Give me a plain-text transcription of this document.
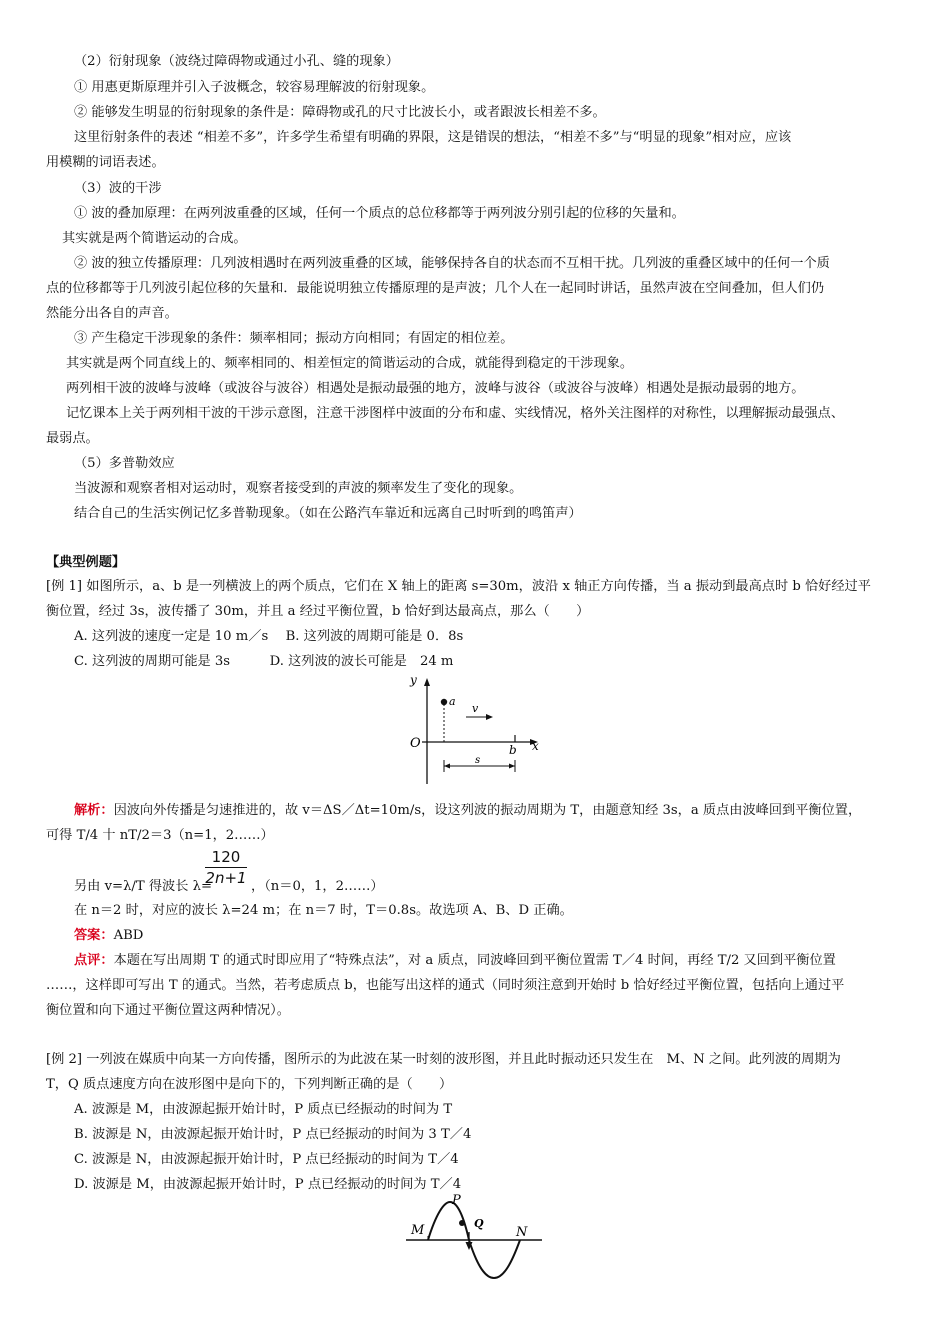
（2）衍射现象（波绕过障碍物或通过小孔、缝的现象）
① 用惠更斯原理并引入子波概念，较容易理解波的衍射现象。
② 能够发生明显的衍射现象的条件是：障碍物或孔的尺寸比波长小，或者跟波长相差不多。
这里衍射条件的表述 “相差不多”，许多学生希望有明确的界限，这是错误的想法，“相差不多”与“明显的现象”相对应，应该
用模糊的词语表述。
（3）波的干涉
① 波的叠加原理：在两列波重叠的区域，任何一个质点的总位移都等于两列波分别引起的位移的矢量和。
其实就是两个简谐运动的合成。
② 波的独立传播原理：几列波相遇时在两列波重叠的区域，能够保持各自的状态而不互相干扰。几列波的重叠区域中的任何一个质
点的位移都等于几列波引起位移的矢量和．最能说明独立传播原理的是声波；几个人在一起同时讲话，虽然声波在空间叠加，但人们仍
然能分出各自的声音。
③ 产生稳定干涉现象的条件：频率相同；振动方向相同；有固定的相位差。
其实就是两个同直线上的、频率相同的、相差恒定的简谐运动的合成，就能得到稳定的干涉现象。
两列相干波的波峰与波峰（或波谷与波谷）相遇处是振动最强的地方，波峰与波谷（或波谷与波峰）相遇处是振动最弱的地方。
记忆课本上关于两列相干波的干涉示意图，注意干涉图样中波面的分布和虚、实线情况，格外关注图样的对称性，以理解振动最强点、
最弱点。
（5）多普勒效应
当波源和观察者相对运动时，观察者接受到的声波的频率发生了变化的现象。
结合自己的生活实例记忆多普勒现象。（如在公路汽车靠近和远离自己时听到的鸣笛声）
【典型例题】
[例 1] 如图所示，a、b 是一列横波上的两个质点，它们在 X 轴上的距离 s=30m，波沿 x 轴正方向传播，当 a 振动到最高点时 b 恰好经过平
衡位置，经过 3s，波传播了 30m，并且 a 经过平衡位置，b 恰好到达最高点，那么（　　）
A. 这列波的速度一定是 10 m／s　 B. 这列波的周期可能是 0．8s
C. 这列波的周期可能是 3s　　　D. 这列波的波长可能是　24 m
y
a
v
O	b x
s
解析：因波向外传播是匀速推进的，故 v＝ΔS／Δt=10m/s，设这列波的振动周期为 T，由题意知经 3s，a 质点由波峰回到平衡位置，
可得 T/4 十 nT/2＝3（n=1，2……）
$\frac{120}{2n+1}$
另由 v=λ/T 得波长 λ=	，（n＝0，1，2……）
在 n＝2 时，对应的波长 λ=24 m；在 n＝7 时，T＝0.8s。故选项 A、B、D 正确。
答案：ABD
点评：本题在写出周期 T 的通式时即应用了“特殊点法”，对 a 质点，同波峰回到平衡位置需 T／4 时间，再经 T/2 又回到平衡位置
……，这样即可写出 T 的通式。当然，若考虑质点 b，也能写出这样的通式（同时须注意到开始时 b 恰好经过平衡位置，包括向上通过平
衡位置和向下通过平衡位置这两种情况）。
[例 2] 一列波在媒质中向某一方向传播，图所示的为此波在某一时刻的波形图，并且此时振动还只发生在　M、N 之间。此列波的周期为
T，Q 质点速度方向在波形图中是向下的，下列判断正确的是（　　）
A. 波源是 M，由波源起振开始计时，P 质点已经振动的时间为 T
B. 波源是 N，由波源起振开始计时，P 点已经振动的时间为 3 T／4
C. 波源是 N，由波源起振开始计时，P 点已经振动的时间为 T／4
D. 波源是 M，由波源起振开始计时，P 点已经振动的时间为 T／4
P
Q
M	N
